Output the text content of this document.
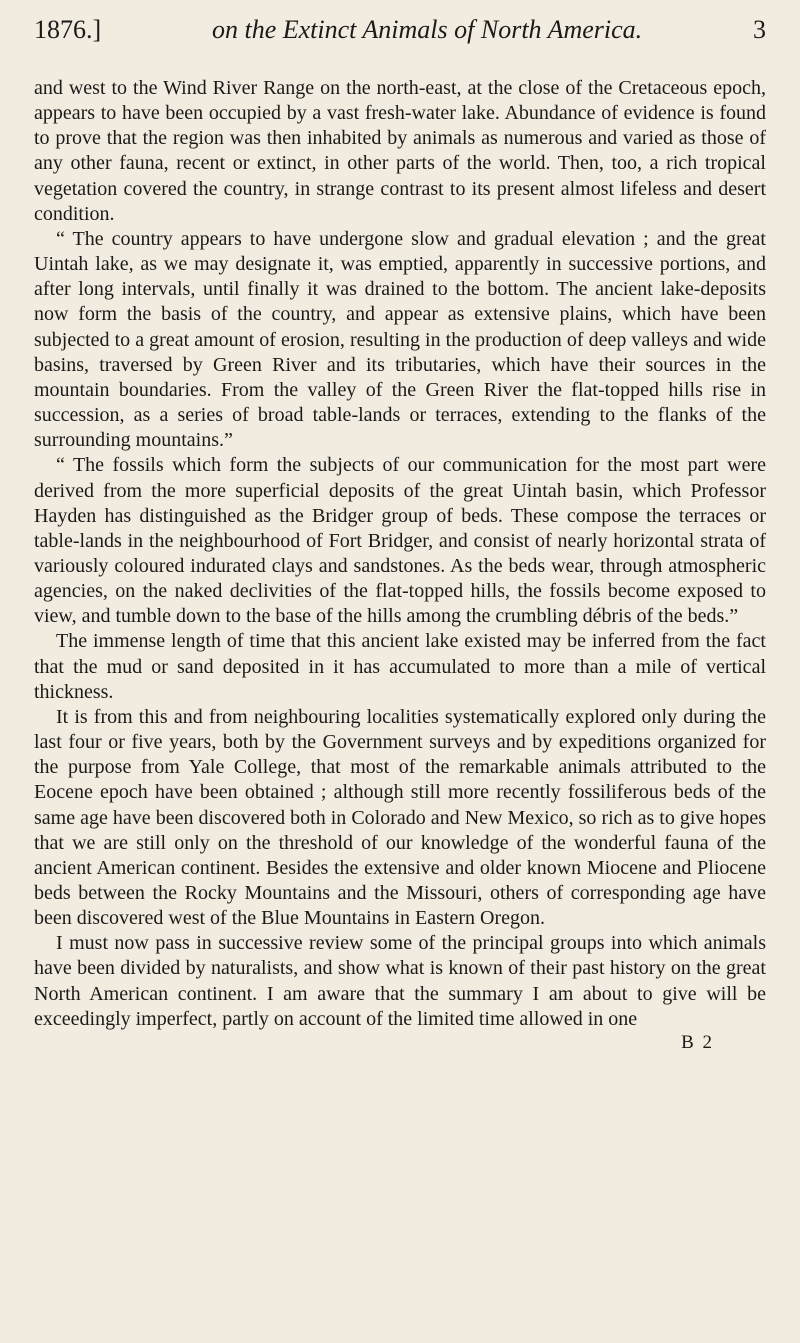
1876.]	on the Extinct Animals of North America.	3

and west to the Wind River Range on the north-east, at the close of the Cretaceous epoch, appears to have been occupied by a vast fresh-water lake. Abundance of evidence is found to prove that the region was then inhabited by animals as numerous and varied as those of any other fauna, recent or extinct, in other parts of the world. Then, too, a rich tropical vegetation covered the country, in strange contrast to its present almost lifeless and desert condition.

“ The country appears to have undergone slow and gradual elevation ; and the great Uintah lake, as we may designate it, was emptied, apparently in successive portions, and after long intervals, until finally it was drained to the bottom. The ancient lake-deposits now form the basis of the country, and appear as extensive plains, which have been subjected to a great amount of erosion, resulting in the production of deep valleys and wide basins, traversed by Green River and its tributaries, which have their sources in the mountain boundaries. From the valley of the Green River the flat-topped hills rise in succession, as a series of broad table-lands or terraces, extending to the flanks of the surrounding mountains.”

“ The fossils which form the subjects of our communication for the most part were derived from the more superficial deposits of the great Uintah basin, which Professor Hayden has distinguished as the Bridger group of beds. These compose the terraces or table-lands in the neighbourhood of Fort Bridger, and consist of nearly horizontal strata of variously coloured indurated clays and sandstones. As the beds wear, through atmospheric agencies, on the naked declivities of the flat-topped hills, the fossils become exposed to view, and tumble down to the base of the hills among the crumbling débris of the beds.”

The immense length of time that this ancient lake existed may be inferred from the fact that the mud or sand deposited in it has accumulated to more than a mile of vertical thickness.

It is from this and from neighbouring localities systematically explored only during the last four or five years, both by the Government surveys and by expeditions organized for the purpose from Yale College, that most of the remarkable animals attributed to the Eocene epoch have been obtained ; although still more recently fossiliferous beds of the same age have been discovered both in Colorado and New Mexico, so rich as to give hopes that we are still only on the threshold of our knowledge of the wonderful fauna of the ancient American continent. Besides the extensive and older known Miocene and Pliocene beds between the Rocky Mountains and the Missouri, others of corresponding age have been discovered west of the Blue Mountains in Eastern Oregon.

I must now pass in successive review some of the principal groups into which animals have been divided by naturalists, and show what is known of their past history on the great North American continent. I am aware that the summary I am about to give will be exceedingly imperfect, partly on account of the limited time allowed in one

B 2
